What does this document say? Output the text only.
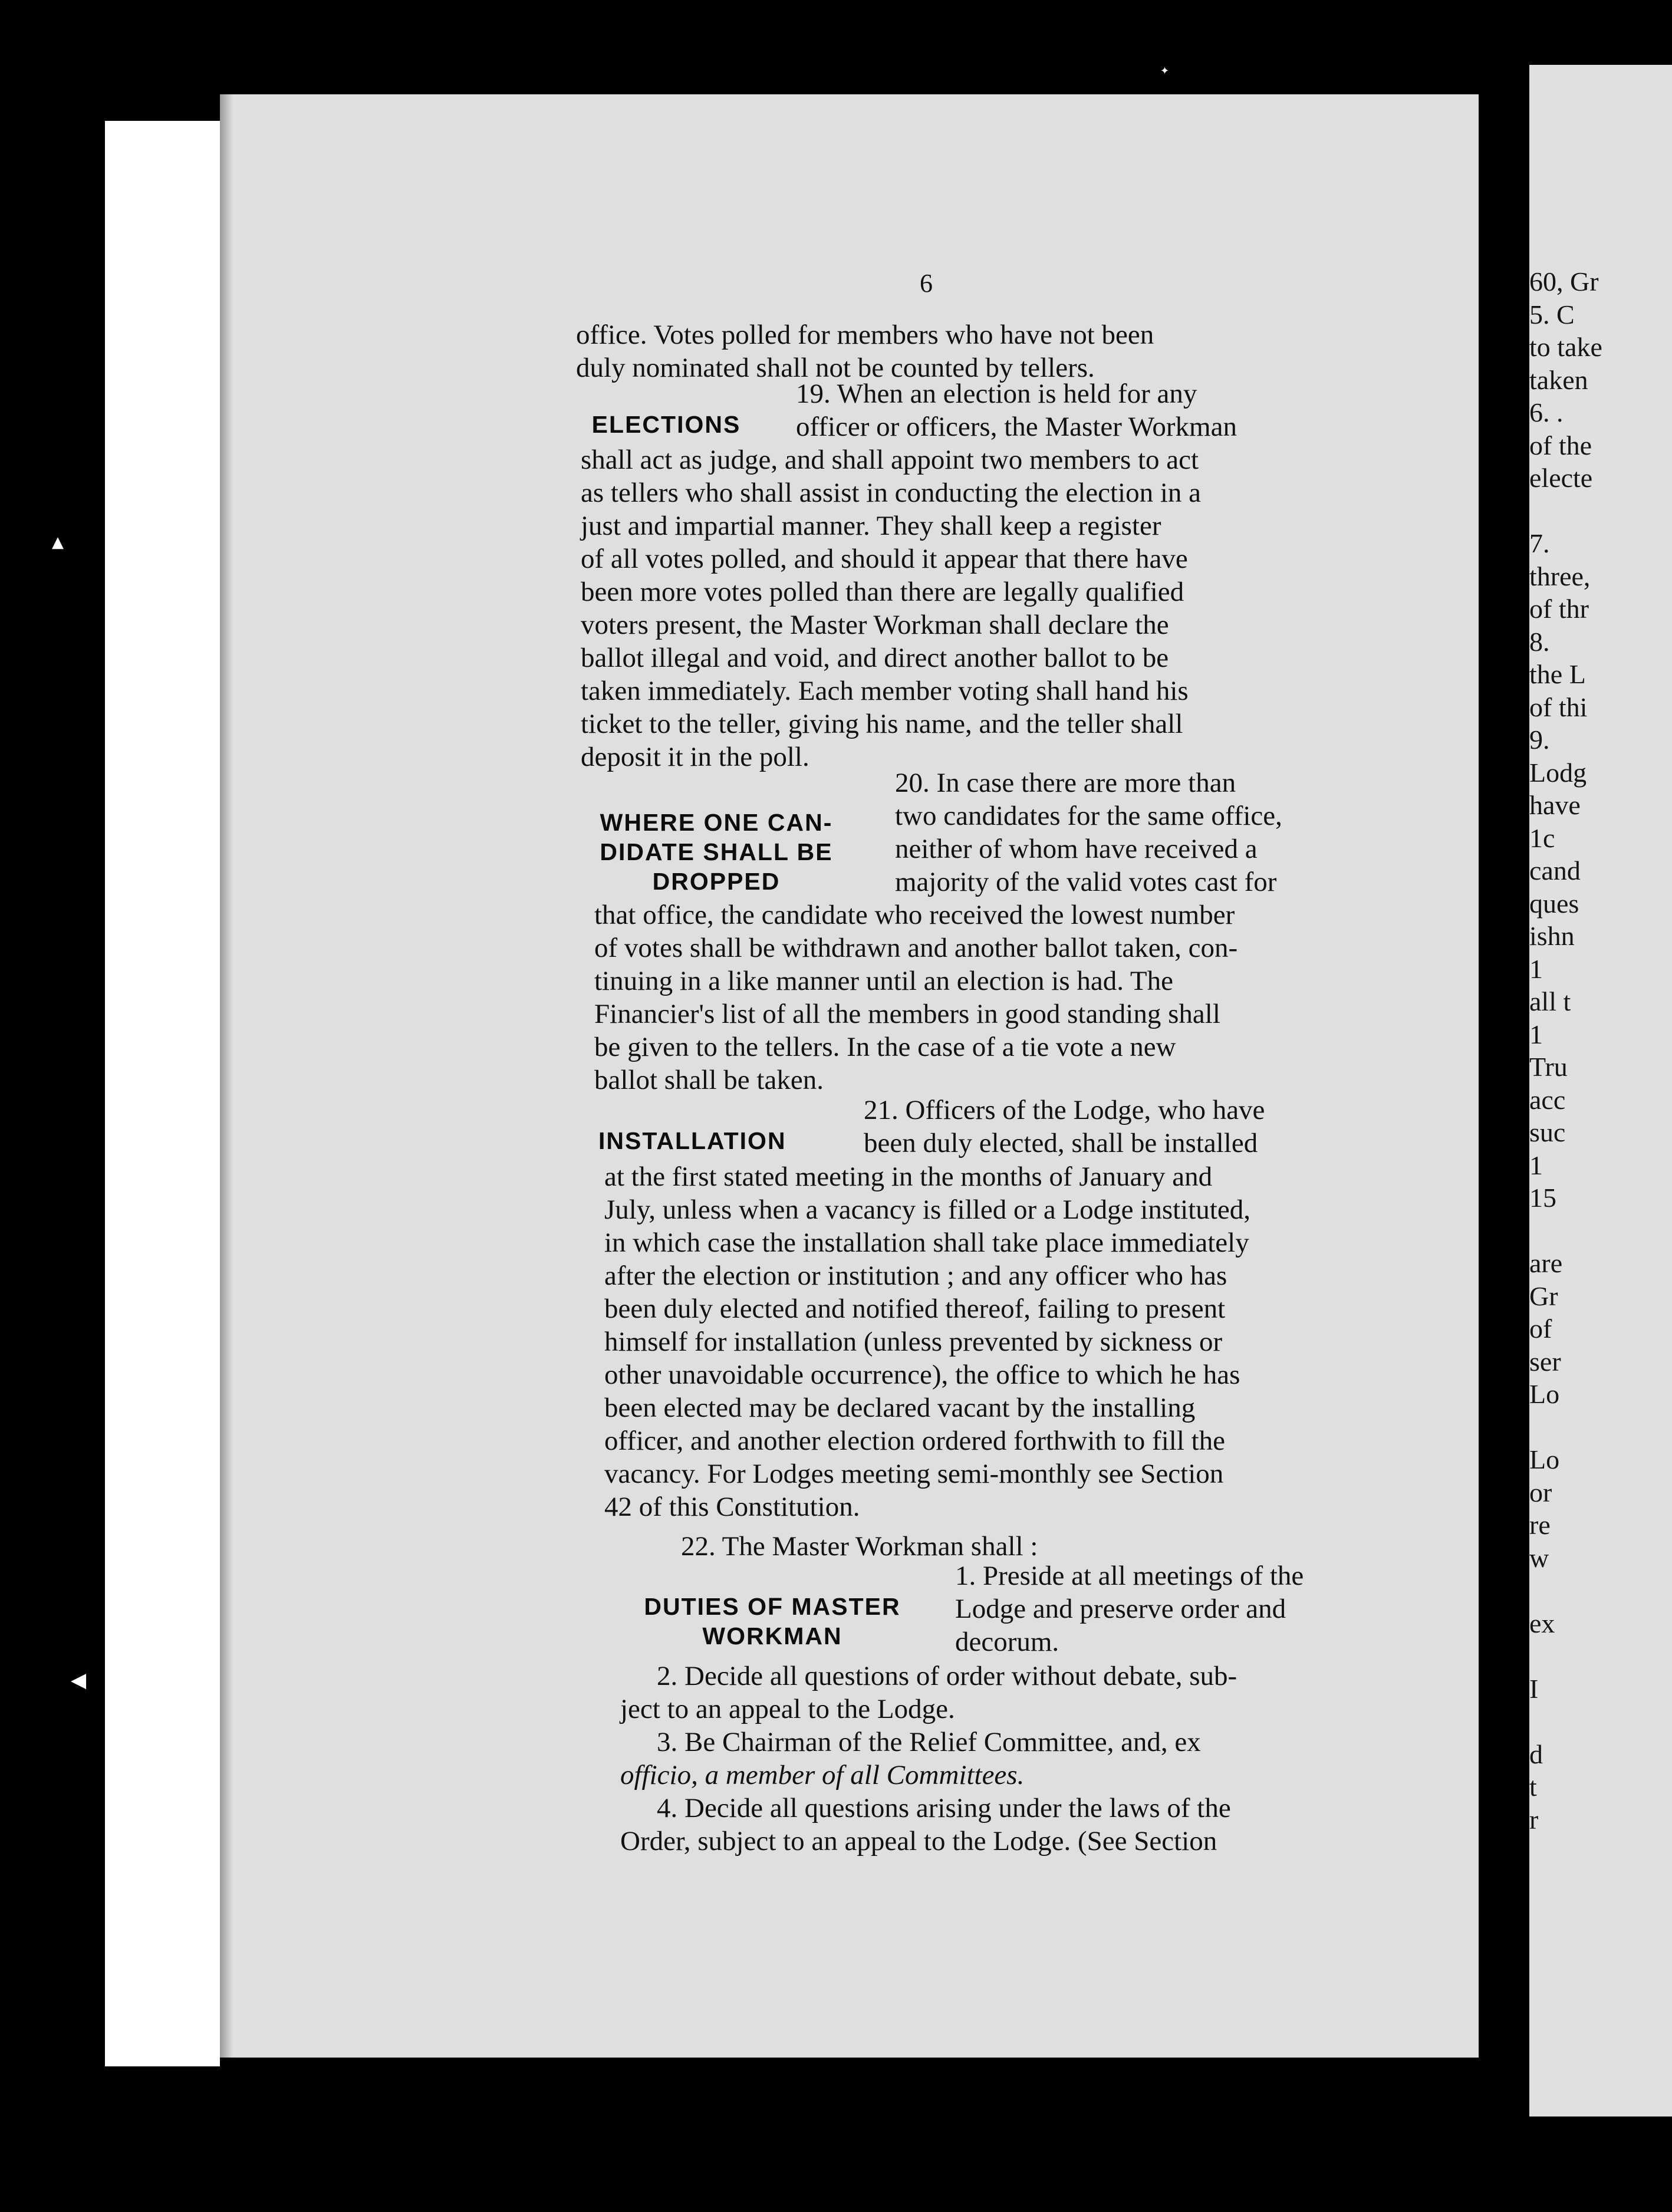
60, Gr
5. C
to take
taken
6. .
of the
electe

7.
three,
of thr
8.
the L
of thi
9.
Lodg
have
1c
cand
ques
ishn
1
all t
1
Tru
acc
suc
1
15

are
Gr
of
ser
Lo

Lo
or
re
w

ex

I

d
t
r
▲
◀
✦
6
office. Votes polled for members who have not been
duly nominated shall not be counted by tellers.
ELECTIONS
19. When an election is held for any
officer or officers, the Master Workman
shall act as judge, and shall appoint two members to act
as tellers who shall assist in conducting the election in a
just and impartial manner. They shall keep a register
of all votes polled, and should it appear that there have
been more votes polled than there are legally qualified
voters present, the Master Workman shall declare the
ballot illegal and void, and direct another ballot to be
taken immediately. Each member voting shall hand his
ticket to the teller, giving his name, and the teller shall
deposit it in the poll.
WHERE ONE CAN-
DIDATE SHALL BE
DROPPED
20. In case there are more than
two candidates for the same office,
neither of whom have received a
majority of the valid votes cast for
that office, the candidate who received the lowest number
of votes shall be withdrawn and another ballot taken, con-
tinuing in a like manner until an election is had. The
Financier's list of all the members in good standing shall
be given to the tellers. In the case of a tie vote a new
ballot shall be taken.
INSTALLATION
21. Officers of the Lodge, who have
been duly elected, shall be installed
at the first stated meeting in the months of January and
July, unless when a vacancy is filled or a Lodge instituted,
in which case the installation shall take place immediately
after the election or institution ; and any officer who has
been duly elected and notified thereof, failing to present
himself for installation (unless prevented by sickness or
other unavoidable occurrence), the office to which he has
been elected may be declared vacant by the installing
officer, and another election ordered forthwith to fill the
vacancy. For Lodges meeting semi-monthly see Section
42 of this Constitution.
22. The Master Workman shall :
DUTIES OF MASTER
WORKMAN
1. Preside at all meetings of the
Lodge and preserve order and
decorum.
2. Decide all questions of order without debate, sub-
ject to an appeal to the Lodge.
3. Be Chairman of the Relief Committee, and, ex
officio, a member of all Committees.
4. Decide all questions arising under the laws of the
Order, subject to an appeal to the Lodge. (See Section
